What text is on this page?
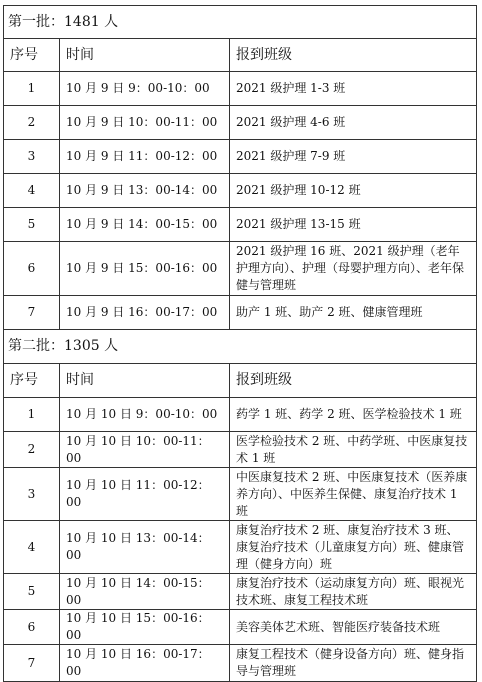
第一批：1481 人		
序号	时间	报到班级
1	10 月 9 日 9：00-10：00	2021 级护理 1-3 班
2	10 月 9 日 10：00-11：00	2021 级护理 4-6 班
3	10 月 9 日 11：00-12：00	2021 级护理 7-9 班
4	10 月 9 日 13：00-14：00	2021 级护理 10-12 班
5	10 月 9 日 14：00-15：00	2021 级护理 13-15 班
6	10 月 9 日 15：00-16：00	2021 级护理 16 班、2021 级护理（老年护理方向）、护理（母婴护理方向）、老年保健与管理班
7	10 月 9 日 16：00-17：00	助产 1 班、助产 2 班、健康管理班
第二批：1305 人		
序号	时间	报到班级
1	10 月 10 日 9：00-10：00	药学 1 班、药学 2 班、医学检验技术 1 班
2	10 月 10 日 10：00-11：00	医学检验技术 2 班、中药学班、中医康复技术 1 班
3	10 月 10 日 11：00-12：00	中医康复技术 2 班、中医康复技术（医养康养方向）、中医养生保健、康复治疗技术 1 班
4	10 月 10 日 13：00-14：00	康复治疗技术 2 班、康复治疗技术 3 班、康复治疗技术（儿童康复方向）班、健康管理（健身方向）班
5	10 月 10 日 14：00-15：00	康复治疗技术（运动康复方向）班、眼视光技术班、康复工程技术班
6	10 月 10 日 15：00-16：00	美容美体艺术班、智能医疗装备技术班
7	10 月 10 日 16：00-17：00	康复工程技术（健身设备方向）班、健身指导与管理班
